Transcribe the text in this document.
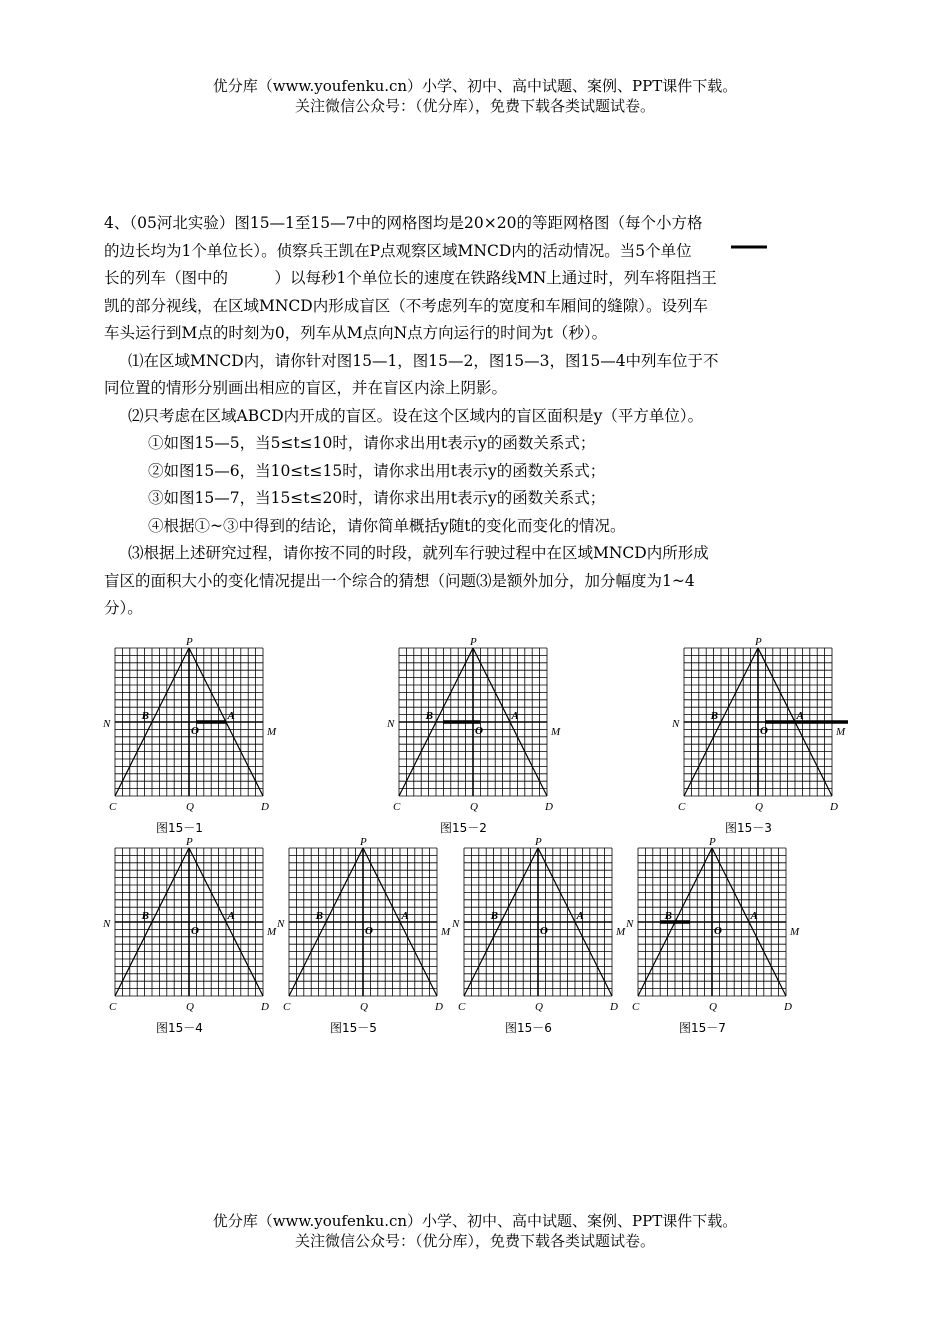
优分库（www.youfenku.cn）小学、初中、高中试题、案例、PPT课件下载。
关注微信公众号：（优分库），免费下载各类试题试卷。

4、（05河北实验）图15—1至15—7中的网格图均是20×20的等距网格图（每个小方格

的边长均为1个单位长）。侦察兵王凯在P点观察区域MNCD内的活动情况。当5个单位

长的列车（图中的　　　）以每秒1个单位长的速度在铁路线MN上通过时，列车将阻挡王

凯的部分视线，在区域MNCD内形成盲区（不考虑列车的宽度和车厢间的缝隙）。设列车

车头运行到M点的时刻为0，列车从M点向N点方向运行的时间为t（秒）。

⑴在区域MNCD内，请你针对图15—1，图15—2，图15—3，图15—4中列车位于不

同位置的情形分别画出相应的盲区，并在盲区内涂上阴影。

⑵只考虑在区域ABCD内开成的盲区。设在这个区域内的盲区面积是y（平方单位）。

①如图15—5，当5≤t≤10时，请你求出用t表示y的函数关系式；

②如图15—6，当10≤t≤15时，请你求出用t表示y的函数关系式；

③如图15—7，当15≤t≤20时，请你求出用t表示y的函数关系式；

④根据①~③中得到的结论，请你简单概括y随t的变化而变化的情况。

⑶根据上述研究过程，请你按不同的时段，就列车行驶过程中在区域MNCD内所形成

盲区的面积大小的变化情况提出一个综合的猜想（问题⑶是额外加分，加分幅度为1~4

分）。

P
N
M
C	D
Q
O
B	A
图15－1
P
N
M
C	D
Q
O
B	A
图15－2
P
N
M
C	D
Q
O
B	A
图15－3
P
N
M
C	D
Q
O
B	A
图15－4
P
N
M
C	D
Q
O
B	A
图15－5
P
N
M
C	D
Q
O
B	A
图15－6
P
N
M
C	D
Q
O
B	A
图15－7
优分库（www.youfenku.cn）小学、初中、高中试题、案例、PPT课件下载。
关注微信公众号：（优分库），免费下载各类试题试卷。
